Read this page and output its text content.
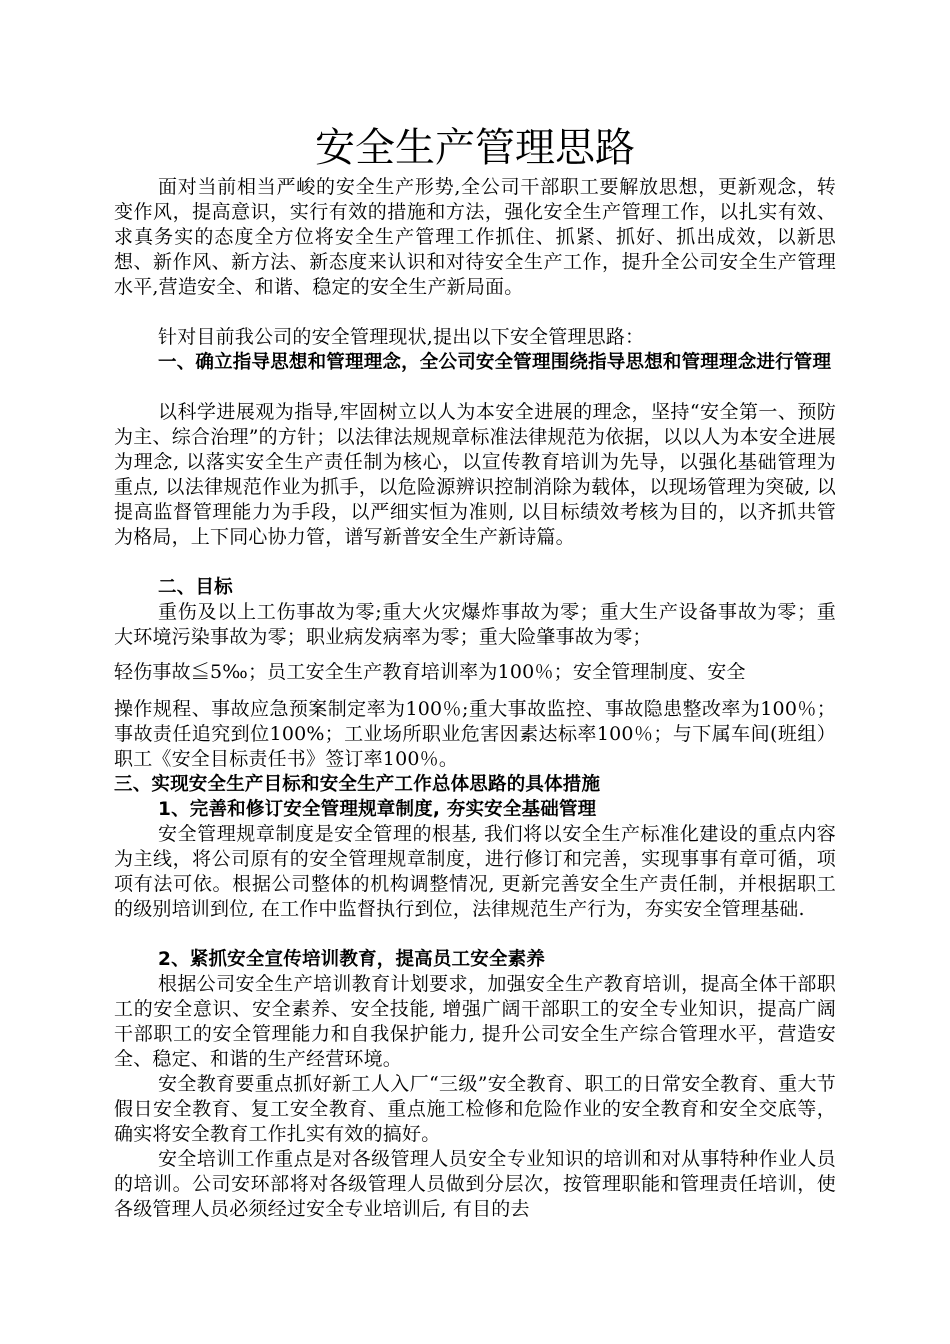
安全生产管理思路
面对当前相当严峻的安全生产形势,全公司干部职工要解放思想，更新观念，转变作风，提高意识，实行有效的措施和方法，强化安全生产管理工作，以扎实有效、求真务实的态度全方位将安全生产管理工作抓住、抓紧、抓好、抓出成效，以新思想、新作风、新方法、新态度来认识和对待安全生产工作，提升全公司安全生产管理水平,营造安全、和谐、稳定的安全生产新局面。
针对目前我公司的安全管理现状,提出以下安全管理思路：
一、确立指导思想和管理理念，全公司安全管理围绕指导思想和管理理念进行管理
以科学进展观为指导,牢固树立以人为本安全进展的理念，坚持“安全第一、预防为主、综合治理”的方针；以法律法规规章标准法律规范为依据，以以人为本安全进展为理念, 以落实安全生产责任制为核心，以宣传教育培训为先导，以强化基础管理为重点, 以法律规范作业为抓手，以危险源辨识控制消除为载体，以现场管理为突破, 以提高监督管理能力为手段，以严细实恒为准则, 以目标绩效考核为目的，以齐抓共管为格局，上下同心协力管，谱写新普安全生产新诗篇。
二、目标
重伤及以上工伤事故为零;重大火灾爆炸事故为零；重大生产设备事故为零；重大环境污染事故为零；职业病发病率为零；重大险肇事故为零；
轻伤事故≦5‰；员工安全生产教育培训率为100％；安全管理制度、安全
操作规程、事故应急预案制定率为100％;重大事故监控、事故隐患整改率为100％；事故责任追究到位100%；工业场所职业危害因素达标率100％；与下属车间(班组）职工《安全目标责任书》签订率100％。
三、实现安全生产目标和安全生产工作总体思路的具体措施
1、完善和修订安全管理规章制度, 夯实安全基础管理
安全管理规章制度是安全管理的根基, 我们将以安全生产标准化建设的重点内容为主线，将公司原有的安全管理规章制度，进行修订和完善，实现事事有章可循，项项有法可依。根据公司整体的机构调整情况, 更新完善安全生产责任制，并根据职工的级别培训到位, 在工作中监督执行到位，法律规范生产行为，夯实安全管理基础.
2、紧抓安全宣传培训教育，提高员工安全素养
根据公司安全生产培训教育计划要求，加强安全生产教育培训，提高全体干部职工的安全意识、安全素养、安全技能, 增强广阔干部职工的安全专业知识，提高广阔干部职工的安全管理能力和自我保护能力, 提升公司安全生产综合管理水平，营造安全、稳定、和谐的生产经营环境。
安全教育要重点抓好新工人入厂“三级”安全教育、职工的日常安全教育、重大节假日安全教育、复工安全教育、重点施工检修和危险作业的安全教育和安全交底等，确实将安全教育工作扎实有效的搞好。
安全培训工作重点是对各级管理人员安全专业知识的培训和对从事特种作业人员的培训。公司安环部将对各级管理人员做到分层次，按管理职能和管理责任培训，使各级管理人员必须经过安全专业培训后, 有目的去
